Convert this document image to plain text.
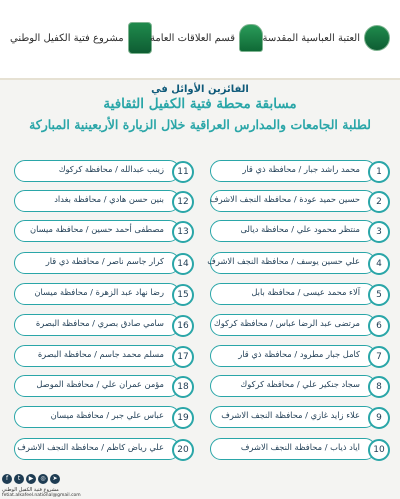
مشروع فتية الكفيل الوطني	قسم العلاقات العامة	العتبة العباسية المقدسة
الفائزين الأوائل في
مسابقة محطة فتية الكفيل الثقافية
لطلبة الجامعات والمدارس العراقية خلال الزيارة الأربعينية المباركة
محمد راشد جبار / محافظة ذي قار	1
حسين حميد عودة / محافظة النجف الاشرف	2
منتظر محمود علي / محافظة ديالى	3
علي حسين يوسف / محافظة النجف الاشرف	4
آلاء محمد عيسى / محافظة بابل	5
مرتضى عبد الرضا عباس / محافظة كركوك	6
كامل جبار مطرود / محافظة ذي قار	7
سجاد جنكير علي / محافظة كركوك	8
علاء زايد غازي / محافظة النجف الاشرف	9
اياد ذياب / محافظة النجف الاشرف	10
زينب عبدالله / محافظة كركوك	11
بنين حسن هادي / محافظة بغداد	12
مصطفى أحمد حسين / محافظة ميسان	13
كرار جاسم ناصر / محافظة ذي قار	14
رضا نهاد عبد الزهرة / محافظة ميسان	15
سامي صادق بصري / محافظة البصرة	16
مسلم محمد جاسم / محافظة البصرة	17
مؤمن عمران علي / محافظة الموصل	18
عباس علي جبر / محافظة ميسان	19
علي رياض كاظم / محافظة النجف الاشرف	20
f	t	▶	◎	➤
مشروع فتية الكفيل الوطني
fetiat.alkafeel.national@gmail.com
